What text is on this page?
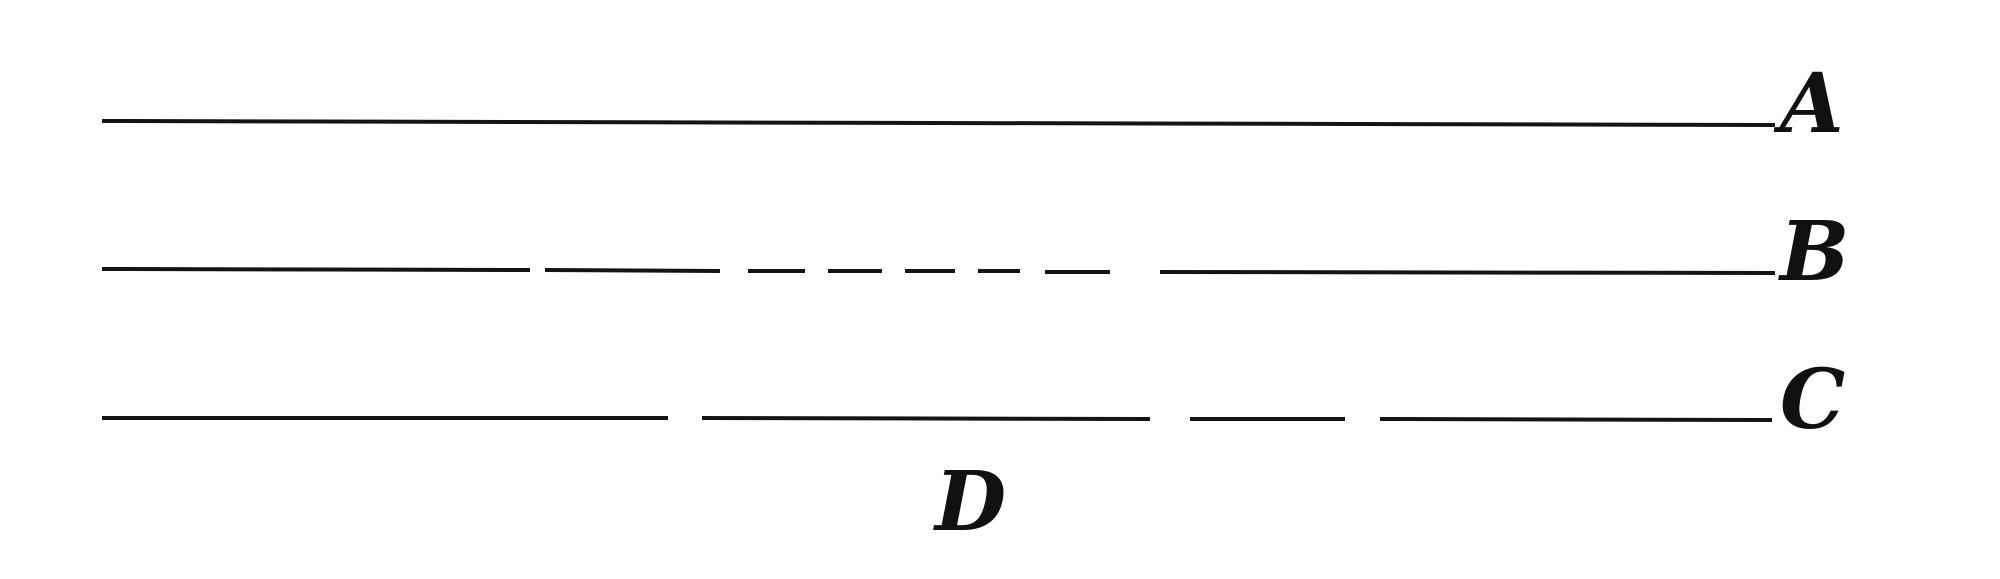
A
B
C
D
